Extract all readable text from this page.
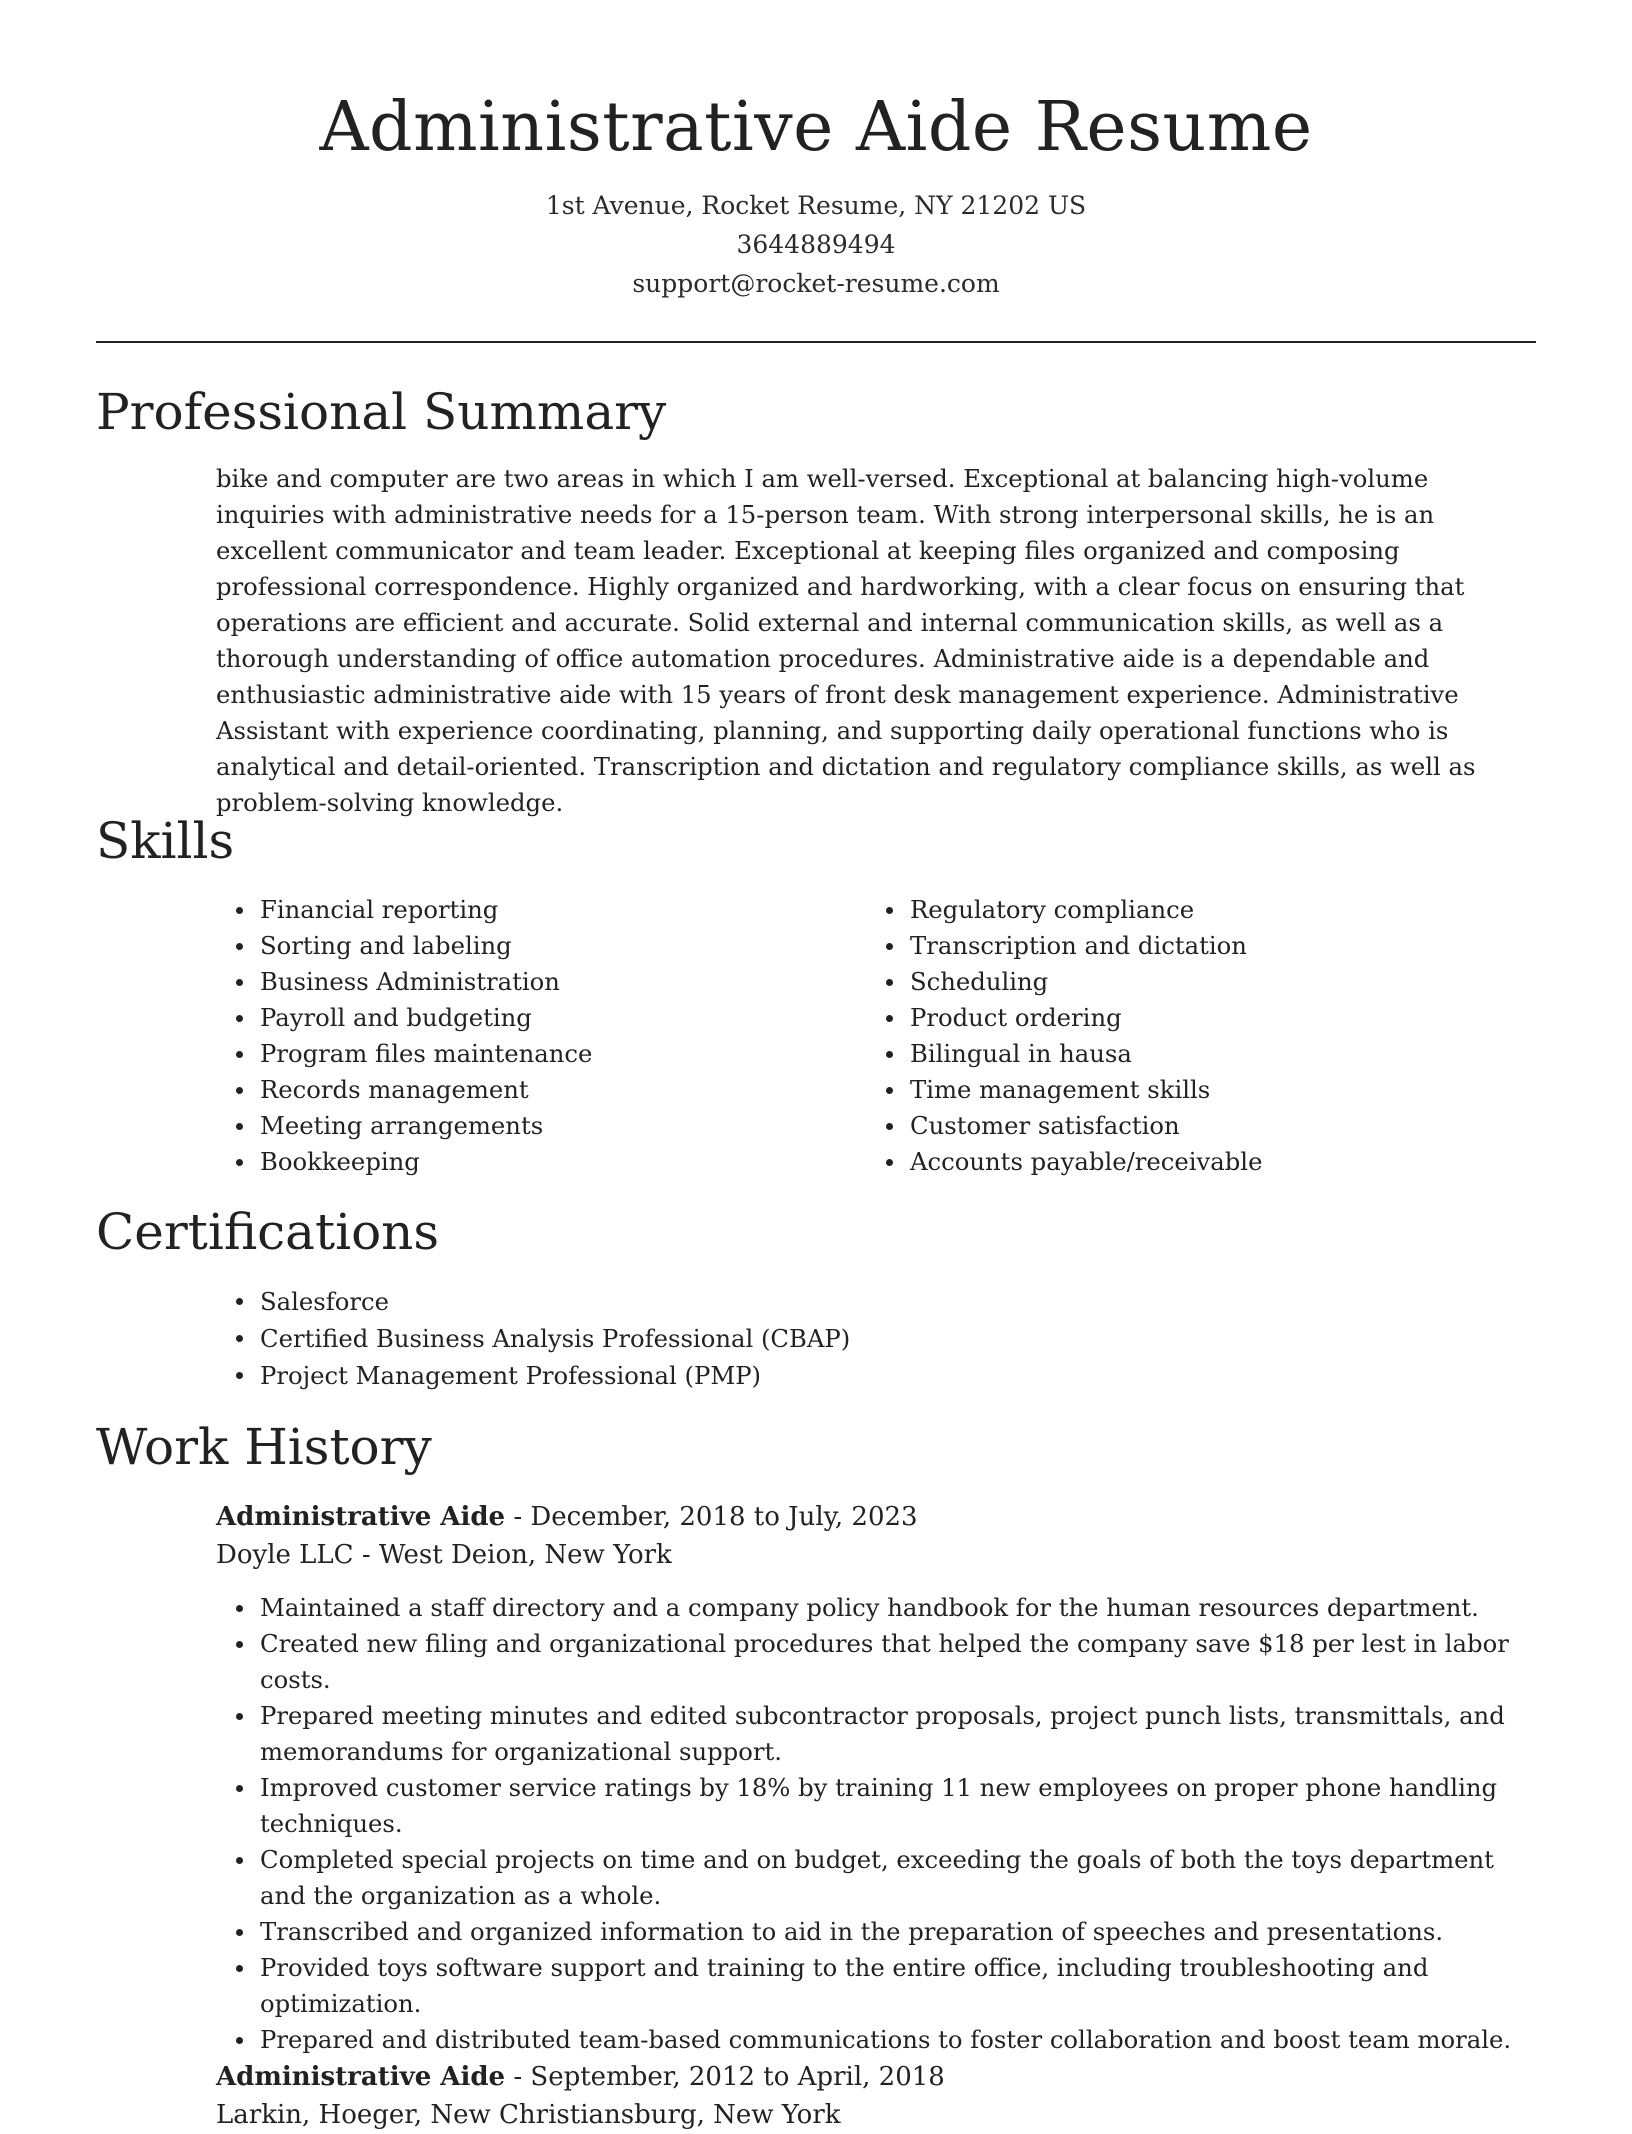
Administrative Aide Resume
1st Avenue, Rocket Resume, NY 21202 US
3644889494
support@rocket-resume.com
Professional Summary

bike and computer are two areas in which I am well-versed. Exceptional at balancing high-volume inquiries with administrative needs for a 15-person team. With strong interpersonal skills, he is an excellent communicator and team leader. Exceptional at keeping files organized and composing professional correspondence. Highly organized and hardworking, with a clear focus on ensuring that operations are efficient and accurate. Solid external and internal communication skills, as well as a thorough understanding of office automation procedures. Administrative aide is a dependable and enthusiastic administrative aide with 15 years of front desk management experience. Administrative Assistant with experience coordinating, planning, and supporting daily operational functions who is analytical and detail-oriented. Transcription and dictation and regulatory compliance skills, as well as problem-solving knowledge.

Skills
Financial reporting
Sorting and labeling
Business Administration
Payroll and budgeting
Program files maintenance
Records management
Meeting arrangements
Bookkeeping
Regulatory compliance
Transcription and dictation
Scheduling
Product ordering
Bilingual in hausa
Time management skills
Customer satisfaction
Accounts payable/receivable
Certifications
Salesforce
Certified Business Analysis Professional (CBAP)
Project Management Professional (PMP)
Work History
Administrative Aide - December, 2018 to July, 2023
Doyle LLC - West Deion, New York
Maintained a staff directory and a company policy handbook for the human resources department.
Created new filing and organizational procedures that helped the company save $18 per lest in labor costs.
Prepared meeting minutes and edited subcontractor proposals, project punch lists, transmittals, and memorandums for organizational support.
Improved customer service ratings by 18% by training 11 new employees on proper phone handling techniques.
Completed special projects on time and on budget, exceeding the goals of both the toys department and the organization as a whole.
Transcribed and organized information to aid in the preparation of speeches and presentations.
Provided toys software support and training to the entire office, including troubleshooting and optimization.
Prepared and distributed team-based communications to foster collaboration and boost team morale.
Administrative Aide - September, 2012 to April, 2018
Larkin, Hoeger, New Christiansburg, New York
